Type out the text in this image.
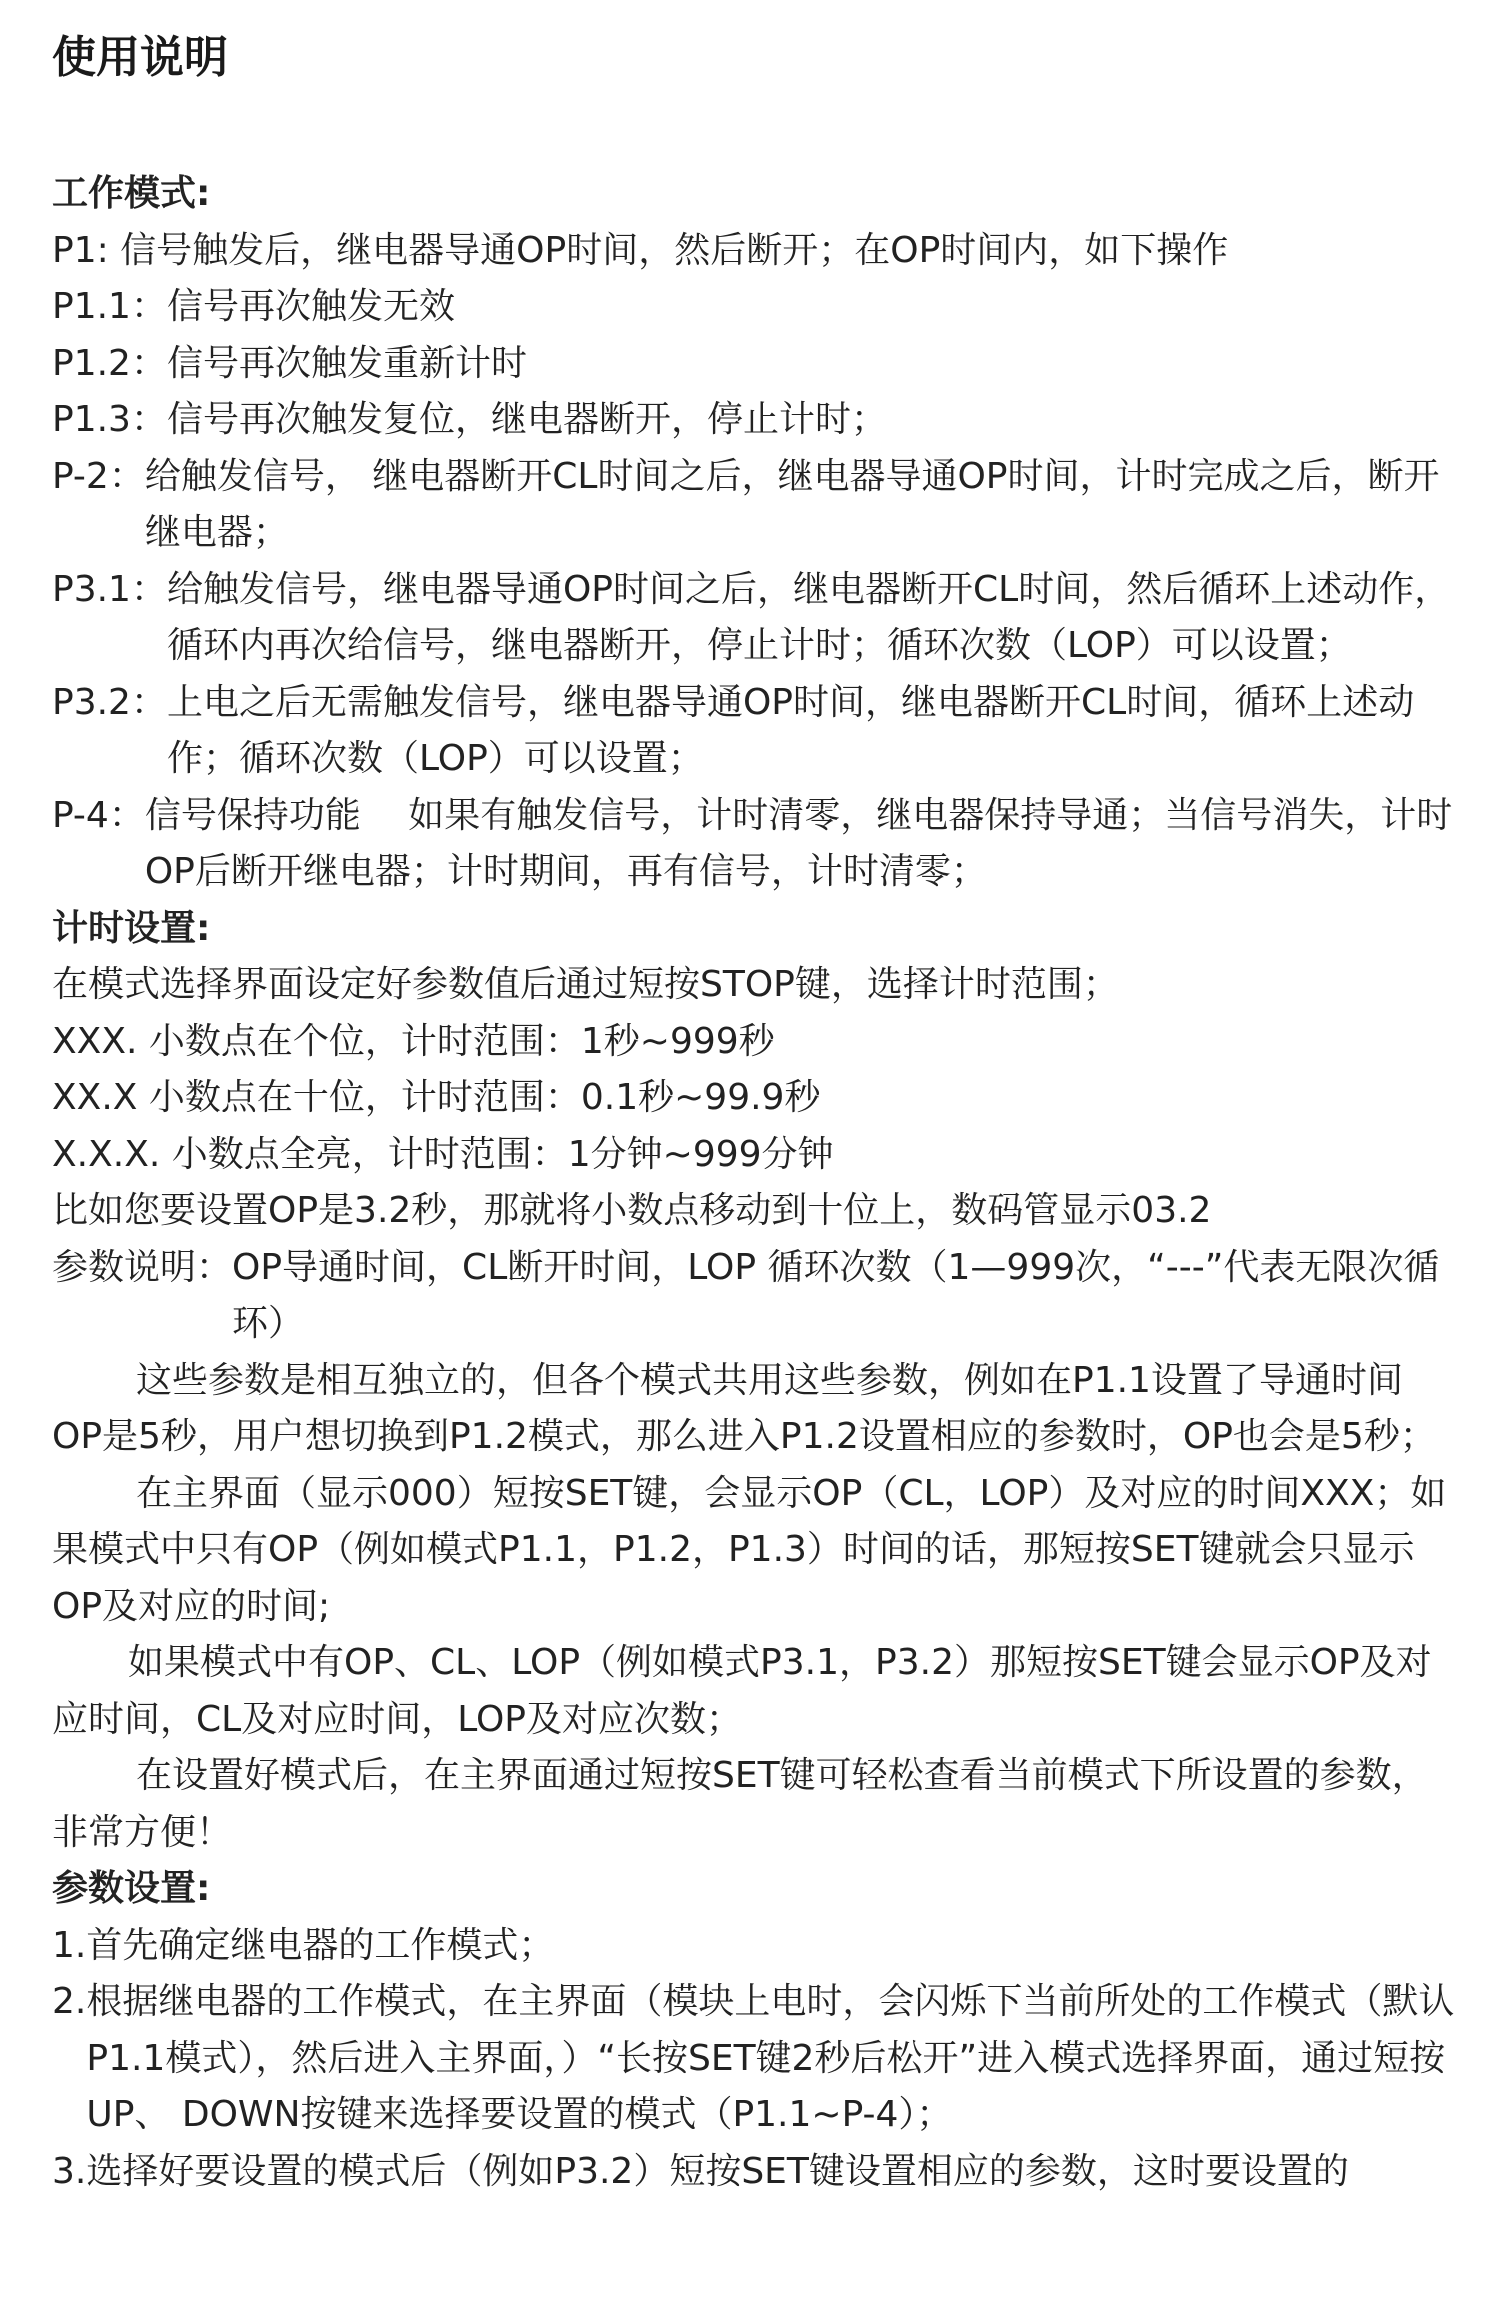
使用说明
工作模式:
P1: 信号触发后，继电器导通OP时间，然后断开；在OP时间内，如下操作
P1.1：信号再次触发无效
P1.2：信号再次触发重新计时
P1.3：信号再次触发复位，继电器断开，停止计时；
P-2： 给触发信号， 继电器断开CL时间之后，继电器导通OP时间，计时完成之后，断开继电器；
P3.1： 给触发信号，继电器导通OP时间之后，继电器断开CL时间，然后循环上述动作，循环内再次给信号，继电器断开，停止计时；循环次数（LOP）可以设置；
P3.2： 上电之后无需触发信号，继电器导通OP时间，继电器断开CL时间，循环上述动作；循环次数（LOP）可以设置；
P-4： 信号保持功能 　如果有触发信号，计时清零，继电器保持导通；当信号消失，计时OP后断开继电器；计时期间，再有信号，计时清零；
计时设置:
在模式选择界面设定好参数值后通过短按STOP键，选择计时范围；
XXX. 小数点在个位，计时范围：1秒~999秒
XX.X 小数点在十位，计时范围：0.1秒~99.9秒
X.X.X. 小数点全亮，计时范围：1分钟~999分钟
比如您要设置OP是3.2秒，那就将小数点移动到十位上，数码管显示03.2
参数说明： OP导通时间，CL断开时间，LOP 循环次数（1—999次，“---”代表无限次循环）

这些参数是相互独立的，但各个模式共用这些参数，例如在P1.1设置了导通时间 OP是5秒，用户想切换到P1.2模式，那么进入P1.2设置相应的参数时，OP也会是5秒；

在主界面（显示000）短按SET键，会显示OP（CL，LOP）及对应的时间XXX；如果模式中只有OP（例如模式P1.1，P1.2，P1.3）时间的话，那短按SET键就会只显示OP及对应的时间;

如果模式中有OP、CL、LOP（例如模式P3.1，P3.2）那短按SET键会显示OP及对应时间，CL及对应时间，LOP及对应次数；

在设置好模式后，在主界面通过短按SET键可轻松查看当前模式下所设置的参数，非常方便！

参数设置:
1. 首先确定继电器的工作模式；
2. 根据继电器的工作模式，在主界面（模块上电时，会闪烁下当前所处的工作模式（默认P1.1模式），然后进入主界面，）“长按SET键2秒后松开”进入模式选择界面，通过短按UP、 DOWN按键来选择要设置的模式（P1.1~P-4）；
3. 选择好要设置的模式后（例如P3.2）短按SET键设置相应的参数，这时要设置的
